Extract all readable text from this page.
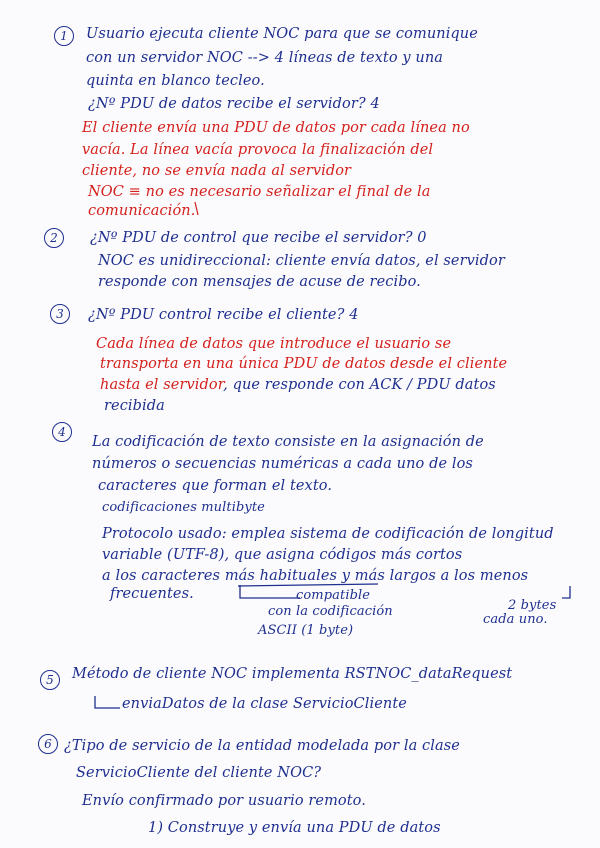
1	Usuario ejecuta cliente NOC para que se comunique
con un servidor NOC --> 4 líneas de texto y una
quinta en blanco tecleo.
¿Nº PDU de datos recibe el servidor? 4
El cliente envía una PDU de datos por cada línea no
vacía. La línea vacía provoca la finalización del
cliente, no se envía nada al servidor
NOC ≡ no es necesario señalizar el final de la
comunicación.
2	¿Nº PDU de control que recibe el servidor? 0
NOC es unidireccional: cliente envía datos, el servidor
responde con mensajes de acuse de recibo.
3	¿Nº PDU control recibe el cliente? 4
Cada línea de datos que introduce el usuario se
transporta en una única PDU de datos desde el cliente
hasta el servidor, que responde con ACK / PDU datos
recibida
4
La codificación de texto consiste en la asignación de
números o secuencias numéricas a cada uno de los
caracteres que forman el texto.
codificaciones multibyte
Protocolo usado: emplea sistema de codificación de longitud
variable (UTF-8), que asigna códigos más cortos
a los caracteres más habituales y más largos a los menos
frecuentes.	compatible
con la codificación
ASCII (1 byte)
2 bytes
cada uno.
5	Método de cliente NOC implementa RSTNOC_dataRequest
enviaDatos de la clase ServicioCliente
6 ¿Tipo de servicio de la entidad modelada por la clase
ServicioCliente del cliente NOC?
Envío confirmado por usuario remoto.
1) Construye y envía una PDU de datos
